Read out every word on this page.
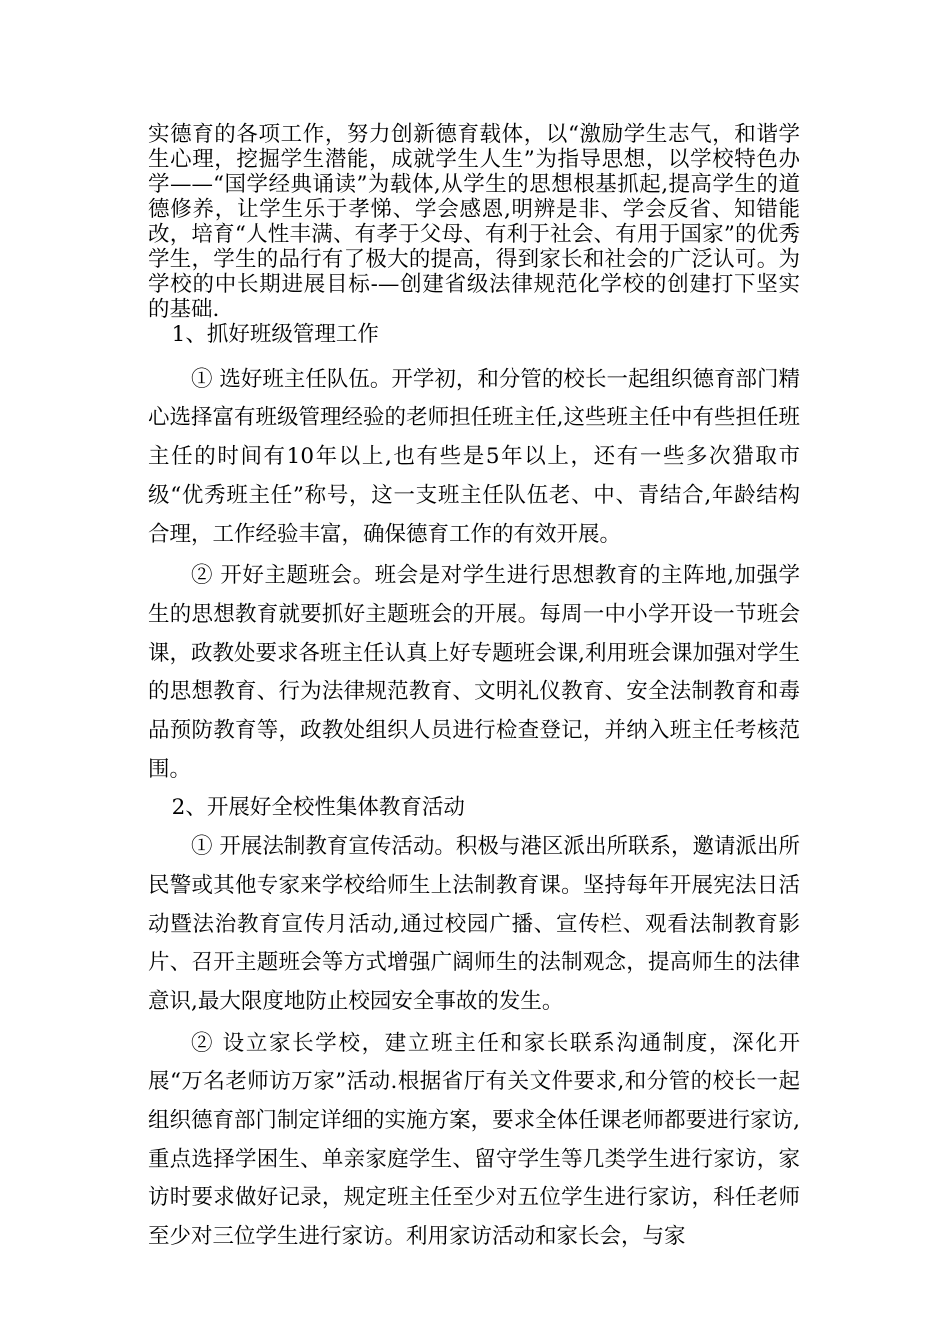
实德育的各项工作，努力创新德育载体，以“激励学生志气，和谐学生心理，挖掘学生潜能，成就学生人生”为指导思想，以学校特色办学——“国学经典诵读”为载体,从学生的思想根基抓起,提高学生的道德修养，让学生乐于孝悌、学会感恩,明辨是非、学会反省、知错能改，培育“人性丰满、有孝于父母、有利于社会、有用于国家”的优秀学生，学生的品行有了极大的提高，得到家长和社会的广泛认可。为学校的中长期进展目标-—创建省级法律规范化学校的创建打下坚实的基础.

1、抓好班级管理工作

① 选好班主任队伍。开学初，和分管的校长一起组织德育部门精心选择富有班级管理经验的老师担任班主任,这些班主任中有些担任班主任的时间有10年以上,也有些是5年以上，还有一些多次猎取市级“优秀班主任”称号，这一支班主任队伍老、中、青结合,年龄结构合理，工作经验丰富，确保德育工作的有效开展。

② 开好主题班会。班会是对学生进行思想教育的主阵地,加强学生的思想教育就要抓好主题班会的开展。每周一中小学开设一节班会课，政教处要求各班主任认真上好专题班会课,利用班会课加强对学生的思想教育、行为法律规范教育、文明礼仪教育、安全法制教育和毒品预防教育等，政教处组织人员进行检查登记，并纳入班主任考核范围。

2、开展好全校性集体教育活动

① 开展法制教育宣传活动。积极与港区派出所联系，邀请派出所民警或其他专家来学校给师生上法制教育课。坚持每年开展宪法日活动暨法治教育宣传月活动,通过校园广播、宣传栏、观看法制教育影片、召开主题班会等方式增强广阔师生的法制观念，提高师生的法律意识,最大限度地防止校园安全事故的发生。

② 设立家长学校，建立班主任和家长联系沟通制度，深化开展“万名老师访万家”活动.根据省厅有关文件要求,和分管的校长一起组织德育部门制定详细的实施方案，要求全体任课老师都要进行家访,重点选择学困生、单亲家庭学生、留守学生等几类学生进行家访，家访时要求做好记录，规定班主任至少对五位学生进行家访，科任老师至少对三位学生进行家访。利用家访活动和家长会，与家
